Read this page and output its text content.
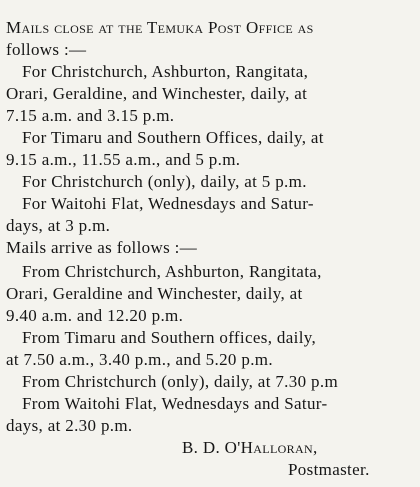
Mails close at the Temuka Post Office as
follows :—
For Christchurch, Ashburton, Rangitata,
Orari, Geraldine, and Winchester, daily, at
7.15 a.m. and 3.15 p.m.
For Timaru and Southern Offices, daily, at
9.15 a.m., 11.55 a.m., and 5 p.m.
For Christchurch (only), daily, at 5 p.m.
For Waitohi Flat, Wednesdays and Satur-
days, at 3 p.m.
Mails arrive as follows :—
From Christchurch, Ashburton, Rangitata,
Orari, Geraldine and Winchester, daily, at
9.40 a.m. and 12.20 p.m.
From Timaru and Southern offices, daily,
at 7.50 a.m., 3.40 p.m., and 5.20 p.m.
From Christchurch (only), daily, at 7.30 p.m
From Waitohi Flat, Wednesdays and Satur-
days, at 2.30 p.m.
B. D. O'Halloran,
Postmaster.
